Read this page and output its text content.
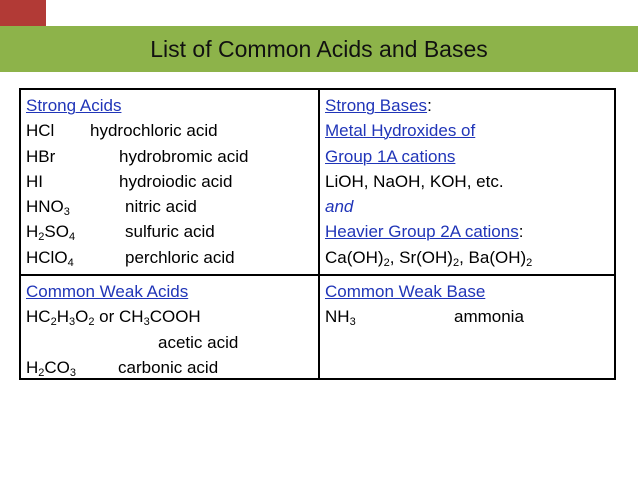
List of Common Acids and Bases
Strong Acids
HCl hydrochloric acid
HBr	hydrobromic acid
HI	hydroiodic acid
$HNO_3$	nitric acid
$H_2SO_4$	sulfuric acid
HClO$_4$	perchloric acid
Strong Bases:
Metal Hydroxides of
Group 1A cations
LiOH, NaOH, KOH, etc.
and
Heavier Group 2A cations:
$Ca(OH)_2$, $Sr(OH)_2$, $Ba(OH)_2$
Common Weak Acids
$HC_2H_3O_2$ or $CH_3COOH$
acetic acid
$H_2CO_3$ carbonic acid
Common Weak Base
$NH_3$	ammonia
